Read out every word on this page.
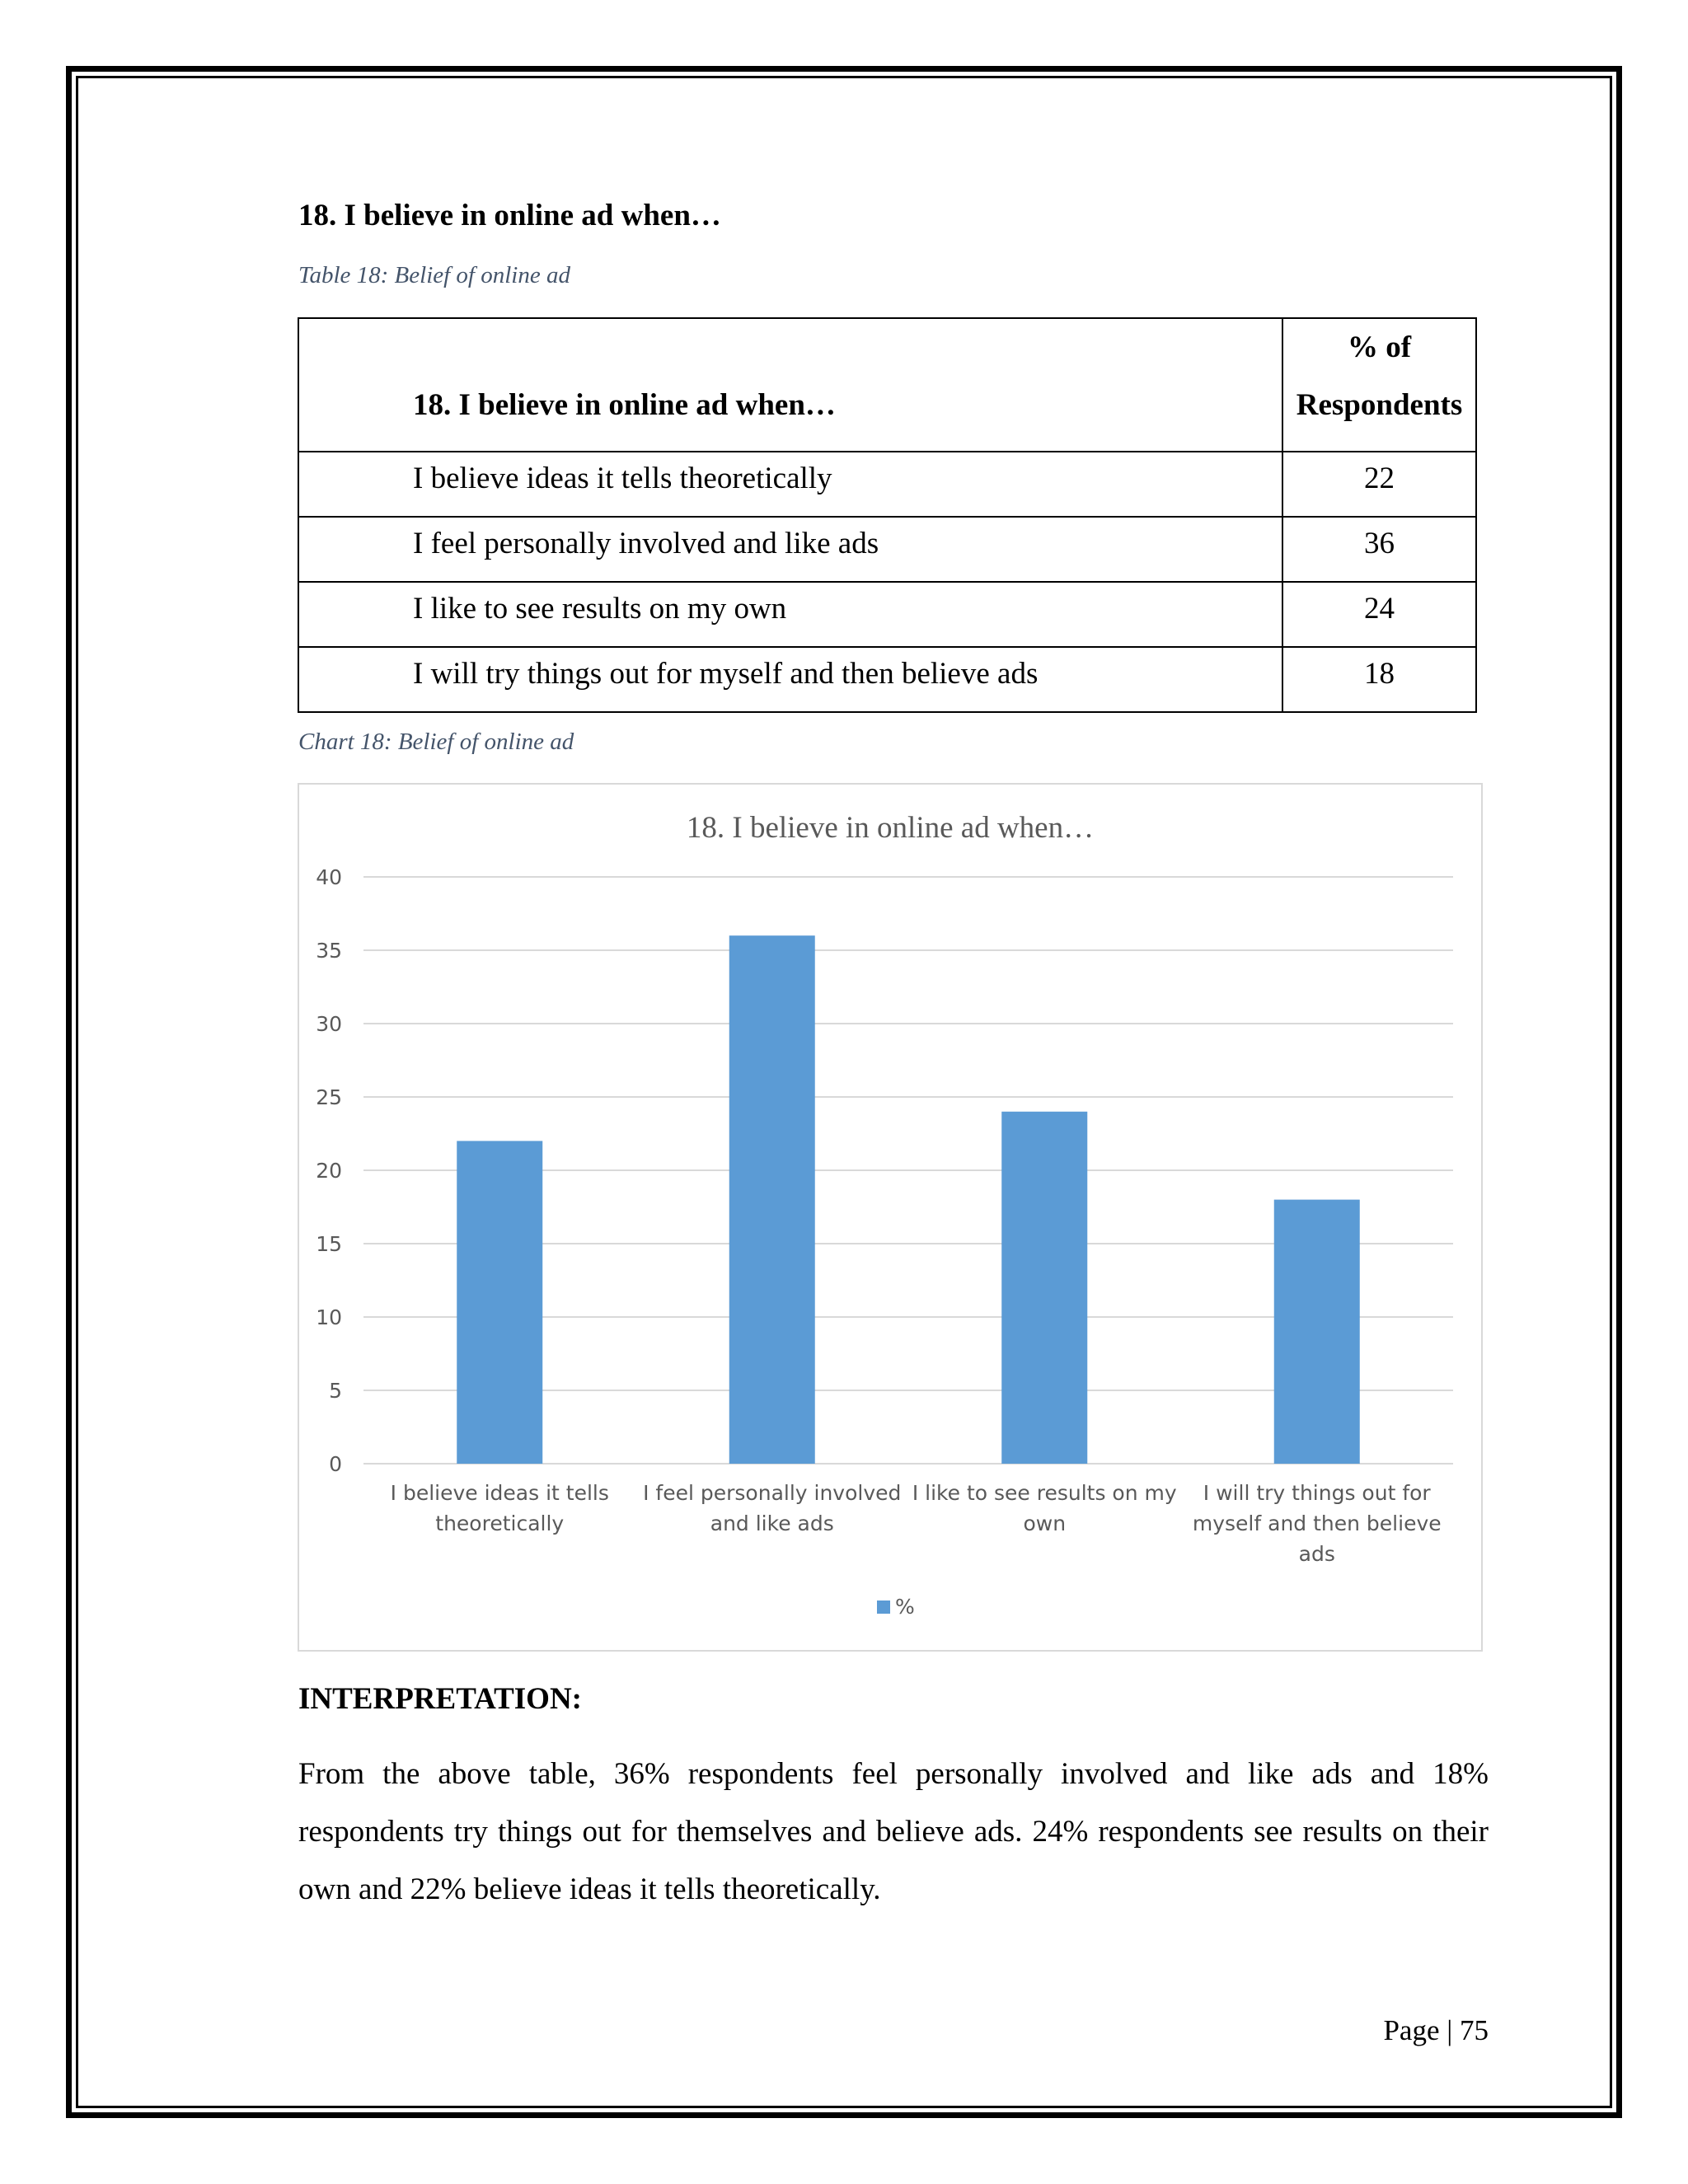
18. I believe in online ad when…
Table 18: Belief of online ad
18. I believe in online ad when…	% of
Respondents
I believe ideas it tells theoretically	22
I feel personally involved and like ads	36
I like to see results on my own	24
I will try things out for myself and then believe ads	18
Chart 18: Belief of online ad
18. I believe in online ad when…
0
5
10
15
20
25
30
35
40
I believe ideas it tells
theoretically
I feel personally involved
and like ads
I like to see results on my
own
I will try things out for
myself and then believe
ads
%
INTERPRETATION:

From the above table, 36% respondents feel personally involved and like ads and 18% respondents try things out for themselves and believe ads. 24% respondents see results on their own and 22% believe ideas it tells theoretically.

Page | 75
